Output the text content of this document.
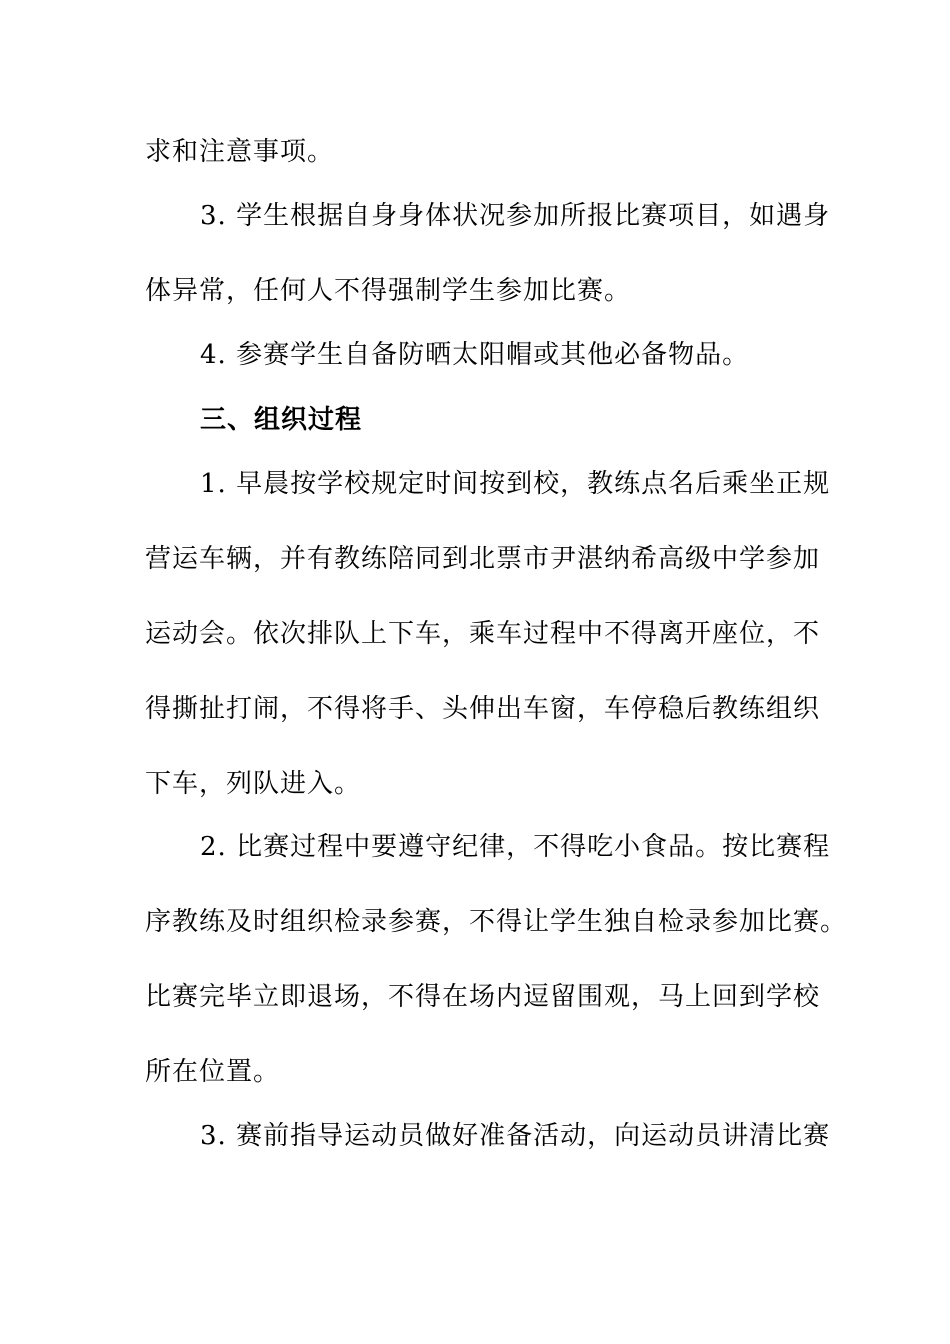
求和注意事项。
3. 学生根据自身身体状况参加所报比赛项目，如遇身
体异常，任何人不得强制学生参加比赛。
4. 参赛学生自备防晒太阳帽或其他必备物品。
三、组织过程
1. 早晨按学校规定时间按到校，教练点名后乘坐正规
营运车辆，并有教练陪同到北票市尹湛纳希高级中学参加
运动会。依次排队上下车，乘车过程中不得离开座位，不
得撕扯打闹，不得将手、头伸出车窗，车停稳后教练组织
下车，列队进入。
2. 比赛过程中要遵守纪律，不得吃小食品。按比赛程
序教练及时组织检录参赛，不得让学生独自检录参加比赛。
比赛完毕立即退场，不得在场内逗留围观，马上回到学校
所在位置。
3. 赛前指导运动员做好准备活动，向运动员讲清比赛
